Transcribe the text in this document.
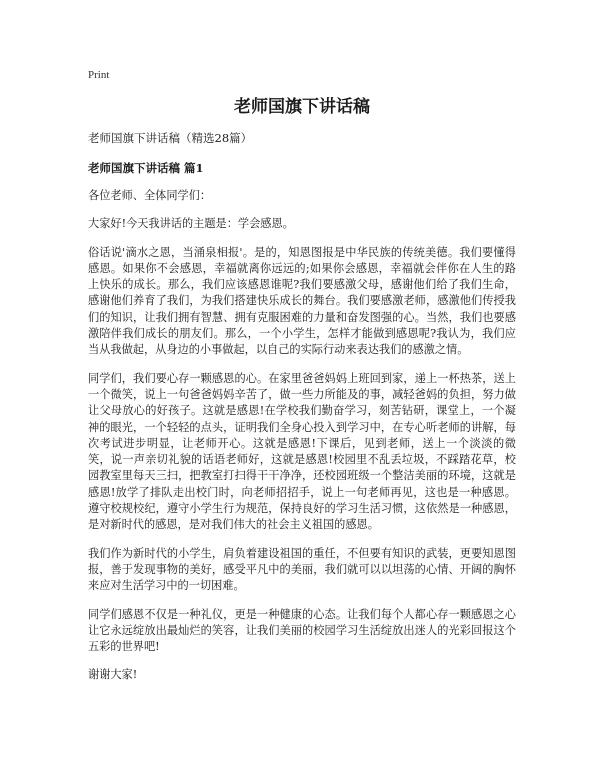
Print
老师国旗下讲话稿
老师国旗下讲话稿（精选28篇）
老师国旗下讲话稿 篇1

各位老师、全体同学们：

大家好!今天我讲话的主题是：学会感恩。

俗话说'滴水之恩，当涌泉相报'。是的，知恩图报是中华民族的传统美德。我们要懂得感恩。如果你不会感恩，幸福就离你远远的;如果你会感恩，幸福就会伴你在人生的路上快乐的成长。那么，我们应该感恩谁呢?我们要感激父母，感谢他们给了我们生命，感谢他们养育了我们，为我们搭建快乐成长的舞台。我们要感激老师，感激他们传授我们的知识，让我们拥有智慧、拥有克服困难的力量和奋发图强的心。当然，我们也要感激陪伴我们成长的朋友们。那么，一个小学生，怎样才能做到感恩呢?我认为，我们应当从我做起，从身边的小事做起，以自己的实际行动来表达我们的感激之情。

同学们，我们要心存一颗感恩的心。在家里爸爸妈妈上班回到家，递上一杯热茶，送上一个微笑，说上一句爸爸妈妈辛苦了，做一些力所能及的事，减轻爸妈的负担，努力做让父母放心的好孩子。这就是感恩!在学校我们勤奋学习，刻苦钻研，课堂上，一个凝神的眼光，一个轻轻的点头，证明我们全身心投入到学习中，在专心听老师的讲解，每次考试进步明显，让老师开心。这就是感恩!下课后，见到老师，送上一个淡淡的微笑，说一声亲切礼貌的话语老师好，这就是感恩!校园里不乱丢垃圾，不踩踏花草，校园教室里每天三扫，把教室打扫得干干净净，还校园班级一个整洁美丽的环境，这就是感恩!放学了排队走出校门时，向老师招招手，说上一句老师再见，这也是一种感恩。遵守校规校纪，遵守小学生行为规范，保持良好的学习生活习惯，这依然是一种感恩，是对新时代的感恩，是对我们伟大的社会主义祖国的感恩。

我们作为新时代的小学生，肩负着建设祖国的重任，不但要有知识的武装，更要知恩图报，善于发现事物的美好，感受平凡中的美丽，我们就可以以坦荡的心情、开阔的胸怀来应对生活学习中的一切困难。

同学们感恩不仅是一种礼仪，更是一种健康的心态。让我们每个人都心存一颗感恩之心让它永远绽放出最灿烂的笑容，让我们美丽的校园学习生活绽放出迷人的光彩回报这个五彩的世界吧!

谢谢大家!
